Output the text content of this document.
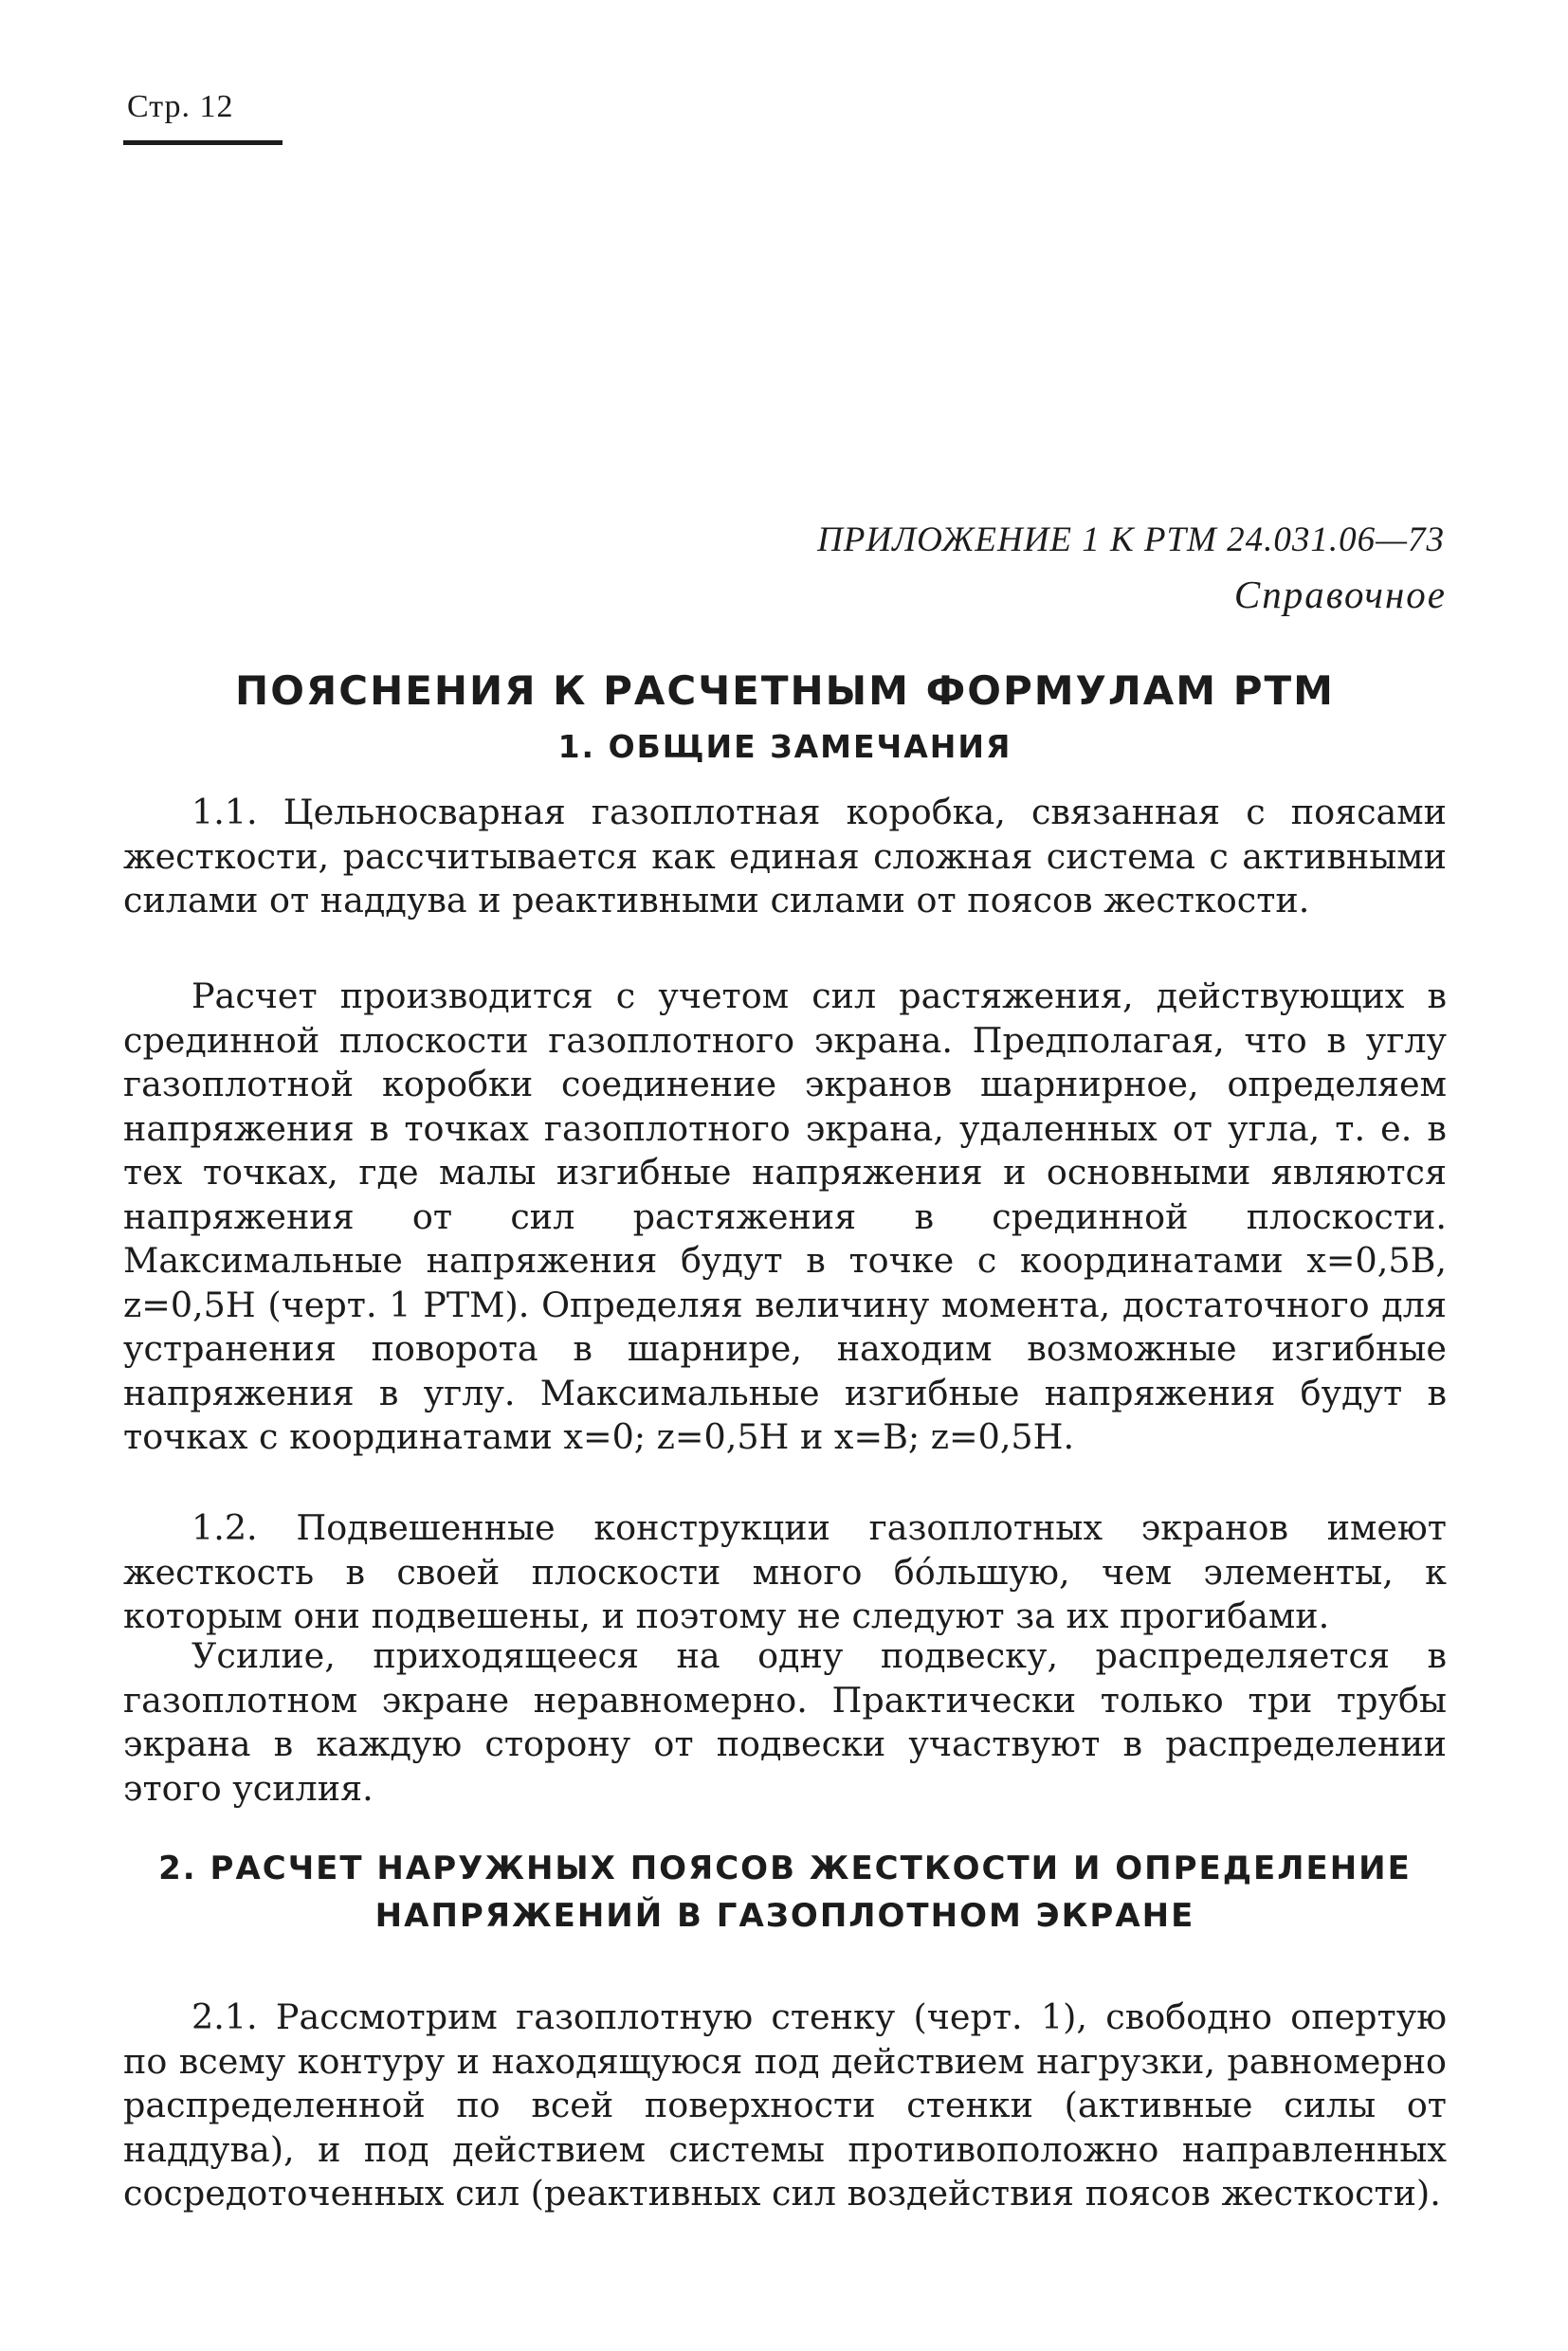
Стр. 12
ПРИЛОЖЕНИЕ 1 К РТМ 24.031.06—73
Справочное
ПОЯСНЕНИЯ К РАСЧЕТНЫМ ФОРМУЛАМ РТМ
1. ОБЩИЕ ЗАМЕЧАНИЯ

1.1. Цельносварная газоплотная коробка, связанная с поясами жесткости, рассчитывается как единая сложная система с активными силами от наддува и реактивными силами от поясов жесткости.

Расчет производится с учетом сил растяжения, действующих в срединной плоскости газоплотного экрана. Предполагая, что в углу газоплотной коробки соединение экранов шарнирное, определяем напряжения в точках газоплотного экрана, удаленных от угла, т. е. в тех точках, где малы изгибные напряжения и основными являются напряжения от сил растяжения в срединной плоскости. Максимальные напряжения будут в точке с координатами x=0,5B, z=0,5H (черт. 1 РТМ). Определяя величину момента, достаточного для устранения поворота в шарнире, находим возможные изгибные напряжения в углу. Максимальные изгибные напряжения будут в точках с координатами x=0; z=0,5H и x=B; z=0,5H.

1.2. Подвешенные конструкции газоплотных экранов имеют жесткость в своей плоскости много бо́льшую, чем элементы, к которым они подвешены, и поэтому не следуют за их прогибами.

Усилие, приходящееся на одну подвеску, распределяется в газоплотном экране неравномерно. Практически только три трубы экрана в каждую сторону от подвески участвуют в распределении этого усилия.

2. РАСЧЕТ НАРУЖНЫХ ПОЯСОВ ЖЕСТКОСТИ И ОПРЕДЕЛЕНИЕ НАПРЯЖЕНИЙ В ГАЗОПЛОТНОМ ЭКРАНЕ

2.1. Рассмотрим газоплотную стенку (черт. 1), свободно опертую по всему контуру и находящуюся под действием нагрузки, равномерно распределенной по всей поверхности стенки (активные силы от наддува), и под действием системы противоположно направленных сосредоточенных сил (реактивных сил воздействия поясов жесткости).
